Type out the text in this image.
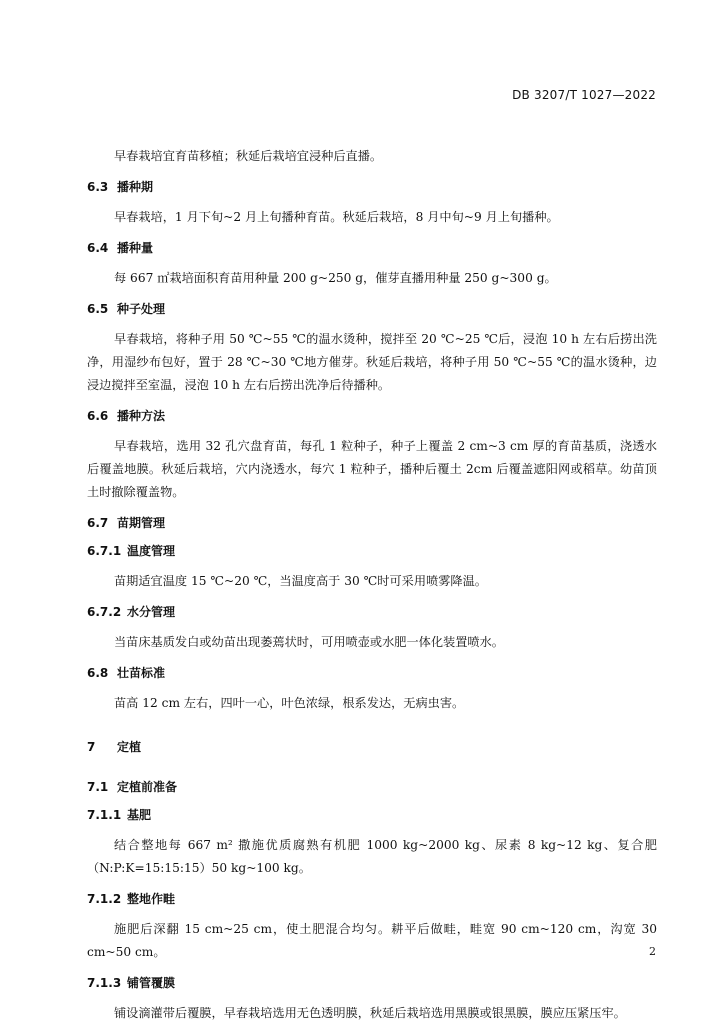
DB 3207/T 1027—2022

早春栽培宜育苗移植；秋延后栽培宜浸种后直播。

6.3 播种期

早春栽培，1 月下旬~2 月上旬播种育苗。秋延后栽培，8 月中旬~9 月上旬播种。

6.4 播种量

每 667 ㎡栽培面积育苗用种量 200 g~250 g，催芽直播用种量 250 g~300 g。

6.5 种子处理

早春栽培，将种子用 50 ℃~55 ℃的温水烫种，搅拌至 20 ℃~25 ℃后，浸泡 10 h 左右后捞出洗净，用湿纱布包好，置于 28 ℃~30 ℃地方催芽。秋延后栽培，将种子用 50 ℃~55 ℃的温水烫种，边浸边搅拌至室温，浸泡 10 h 左右后捞出洗净后待播种。

6.6 播种方法

早春栽培，选用 32 孔穴盘育苗，每孔 1 粒种子，种子上覆盖 2 cm~3 cm 厚的育苗基质，浇透水后覆盖地膜。秋延后栽培，穴内浇透水，每穴 1 粒种子，播种后覆土 2cm 后覆盖遮阳网或稻草。幼苗顶土时撤除覆盖物。

6.7 苗期管理
6.7.1 温度管理

苗期适宜温度 15 ℃~20 ℃，当温度高于 30 ℃时可采用喷雾降温。

6.7.2 水分管理

当苗床基质发白或幼苗出现萎蔫状时，可用喷壶或水肥一体化装置喷水。

6.8 壮苗标准

苗高 12 cm 左右，四叶一心，叶色浓绿，根系发达，无病虫害。

7 定植
7.1 定植前准备
7.1.1 基肥

结合整地每 667 m² 撒施优质腐熟有机肥 1000 kg~2000 kg、尿素 8 kg~12 kg、复合肥（N:P:K=15:15:15）50 kg~100 kg。

7.1.2 整地作畦

施肥后深翻 15 cm~25 cm，使土肥混合均匀。耕平后做畦，畦宽 90 cm~120 cm，沟宽 30 cm~50 cm。

7.1.3 铺管覆膜

铺设滴灌带后覆膜，早春栽培选用无色透明膜，秋延后栽培选用黑膜或银黑膜，膜应压紧压牢。

2
